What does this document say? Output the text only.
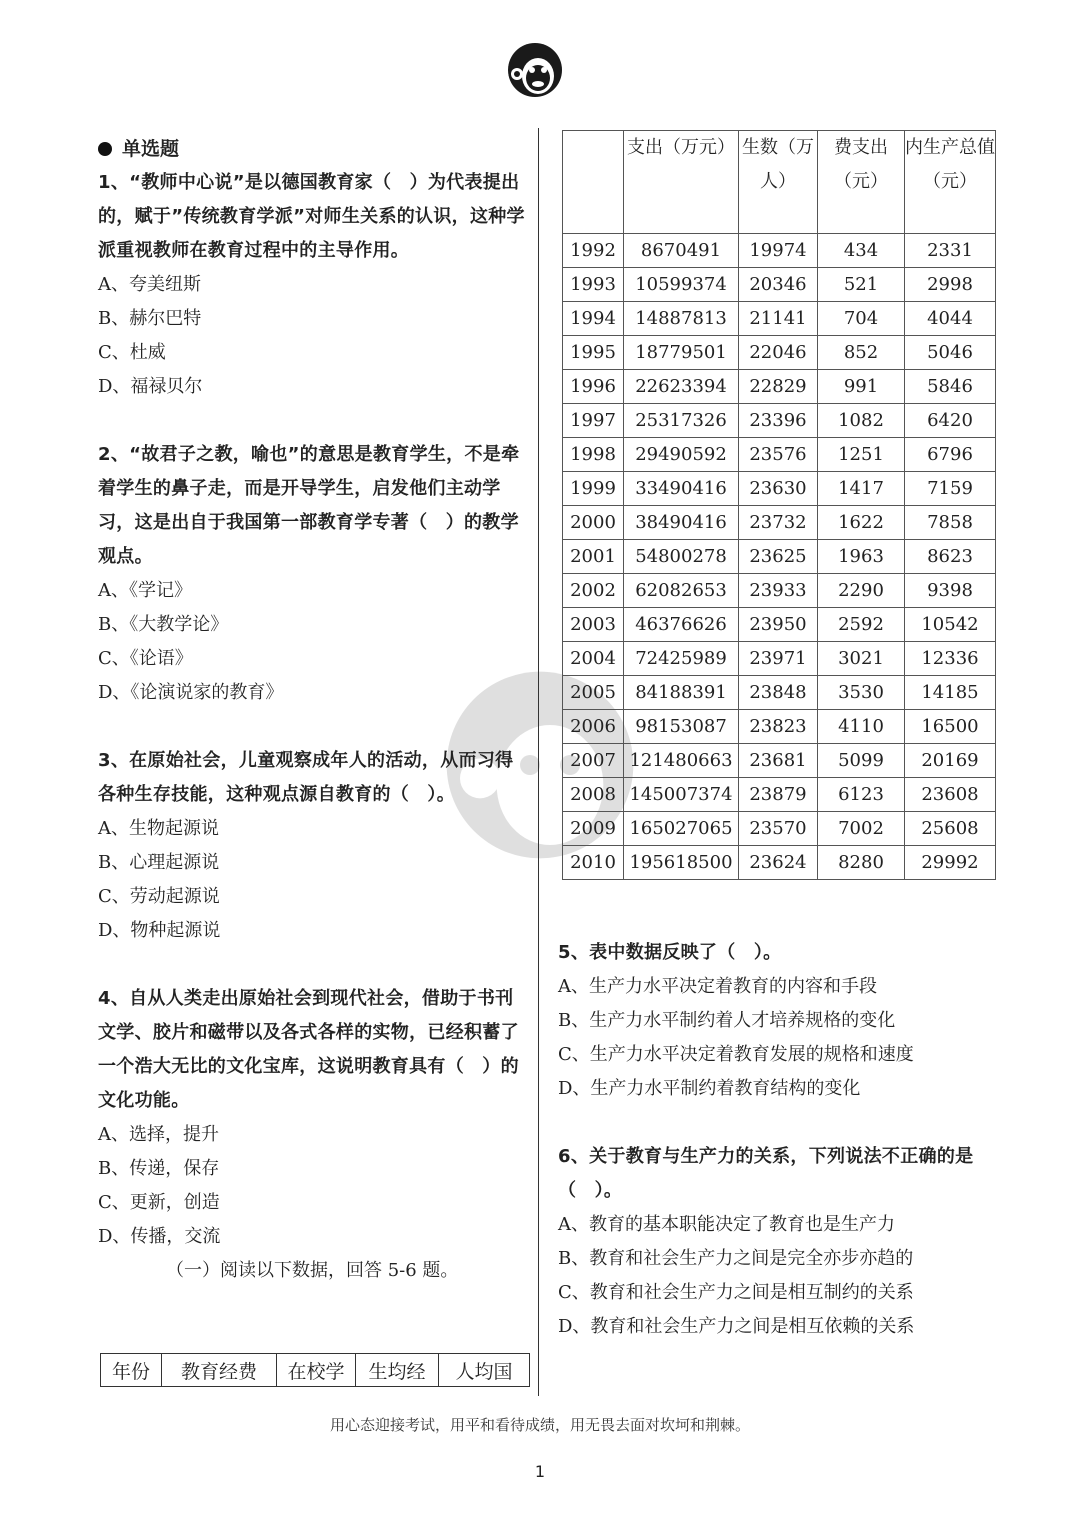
单选题
1、“教师中心说”是以德国教育家（　）为代表提出的，赋于”传统教育学派”对师生关系的认识，这种学派重视教师在教育过程中的主导作用。
A、夸美纽斯
B、赫尔巴特
C、杜威
D、福禄贝尔
2、“故君子之教，喻也”的意思是教育学生，不是牵着学生的鼻子走，而是开导学生，启发他们主动学习，这是出自于我国第一部教育学专著（　）的教学观点。
A、《学记》
B、《大教学论》
C、《论语》
D、《论演说家的教育》
3、在原始社会，儿童观察成年人的活动，从而习得各种生存技能，这种观点源自教育的（　）。
A、生物起源说
B、心理起源说
C、劳动起源说
D、物种起源说
4、自从人类走出原始社会到现代社会，借助于书刊文学、胶片和磁带以及各式各样的实物，已经积蓄了一个浩大无比的文化宝库，这说明教育具有（　）的文化功能。
A、选择，提升
B、传递，保存
C、更新，创造
D、传播，交流
（一）阅读以下数据，回答 5-6 题。
年份	教育经费	在校学	生均经	人均国
	支出（万元）	生数（万人）	费支出（元）	内生产总值（元）
1992	8670491	19974	434	2331
1993	10599374	20346	521	2998
1994	14887813	21141	704	4044
1995	18779501	22046	852	5046
1996	22623394	22829	991	5846
1997	25317326	23396	1082	6420
1998	29490592	23576	1251	6796
1999	33490416	23630	1417	7159
2000	38490416	23732	1622	7858
2001	54800278	23625	1963	8623
2002	62082653	23933	2290	9398
2003	46376626	23950	2592	10542
2004	72425989	23971	3021	12336
2005	84188391	23848	3530	14185
2006	98153087	23823	4110	16500
2007	121480663	23681	5099	20169
2008	145007374	23879	6123	23608
2009	165027065	23570	7002	25608
2010	195618500	23624	8280	29992
5、表中数据反映了（　）。
A、生产力水平决定着教育的内容和手段
B、生产力水平制约着人才培养规格的变化
C、生产力水平决定着教育发展的规格和速度
D、生产力水平制约着教育结构的变化
6、关于教育与生产力的关系，下列说法不正确的是（　）。
A、教育的基本职能决定了教育也是生产力
B、教育和社会生产力之间是完全亦步亦趋的
C、教育和社会生产力之间是相互制约的关系
D、教育和社会生产力之间是相互依赖的关系
用心态迎接考试，用平和看待成绩，用无畏去面对坎坷和荆棘。
1
